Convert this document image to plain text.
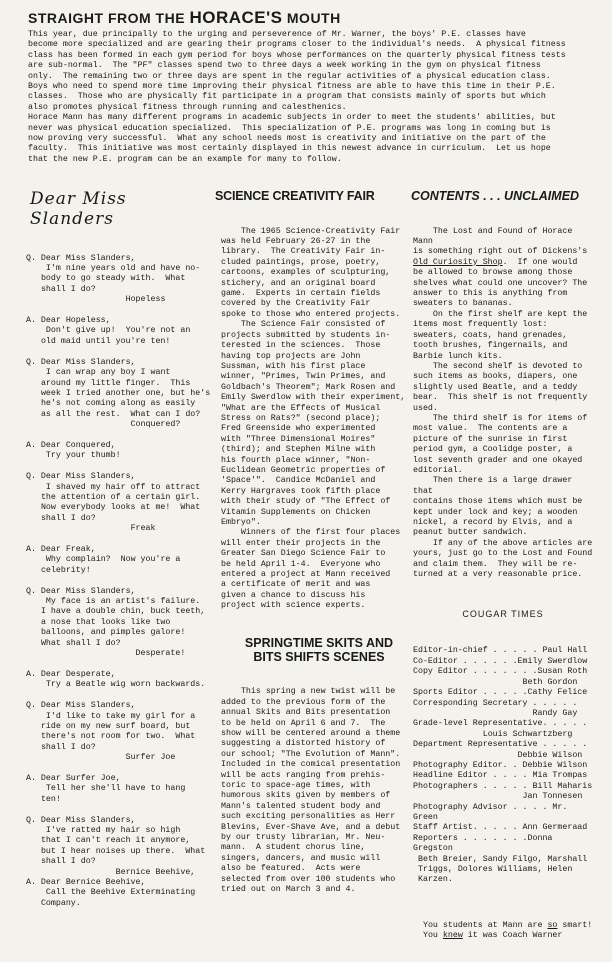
STRAIGHT FROM THE HORACE'S MOUTH
This year, due principally to the urging and perseverence of Mr. Warner, the boys' P.E. classes have
become more specialized and are gearing their programs closer to the individual's needs.  A physical fitness
class has been formed in each gym period for boys whose performances on the quarterly physical fitness tests
are sub-normal.  The "PF" classes spend two to three days a week working in the gym on physical fitness
only.  The remaining two or three days are spent in the regular activities of a physical education class.
Boys who need to spend more time improving their physical fitness are able to have this time in their P.E.
classes.  Those who are physically fit participate in a program that consists mainly of sports but which
also promotes physical fitness through running and calesthenics.
Horace Mann has many different programs in academic subjects in order to meet the students' abilities, but
never was physical education specialized.  This specialization of P.E. programs was long in coming but is
now proving very successful.  What any school needs most is creativity and initiative on the part of the
faculty.  This initiative was most certainly displayed in this newest advance in curriculum.  Let us hope
that the new P.E. program can be an example for many to follow.

Dear Miss Slanders

Q. Dear Miss Slanders,
I'm nine years old and have no-
body to go steady with.  What
shall I do?
Hopeless

A. Dear Hopeless,
Don't give up!  You're not an
old maid until you're ten!

Q. Dear Miss Slanders,
I can wrap any boy I want
around my little finger.  This
week I tried another one, but he's
he's not coming along as easily
as all the rest.  What can I do?
Conquered?

A. Dear Conquered,
Try your thumb!

Q. Dear Miss Slanders,
I shaved my hair off to attract
the attention of a certain girl.
Now everybody looks at me!  What
shall I do?
Freak

A. Dear Freak,
Why complain?  Now you're a
celebrity!

Q. Dear Miss Slanders,
My face is an artist's failure.
I have a double chin, buck teeth,
a nose that looks like two
balloons, and pimples galore!
What shall I do?
Desperate!

A. Dear Desperate,
Try a Beatle wig worn backwards.

Q. Dear Miss Slanders,
I'd like to take my girl for a
ride on my new surf board, but
there's not room for two.  What
shall I do?
Surfer Joe

A. Dear Surfer Joe,
Tell her she'll have to hang
ten!

Q. Dear Miss Slanders,
I've ratted my hair so high
that I can't reach it anymore,
but I hear noises up there.  What
shall I do?
Bernice Beehive,
A. Dear Bernice Beehive,
Call the Beehive Exterminating
Company.

SCIENCE CREATIVITY FAIR

The 1965 Science-Creativity Fair
was held February 26-27 in the
library.  The Creativity Fair in-
cluded paintings, prose, poetry,
cartoons, examples of sculpturing,
stichery, and an original board
game.  Experts in certain fields
covered by the Creativity Fair
spoke to those who entered projects.
The Science Fair consisted of
projects submitted by students in-
terested in the sciences.  Those
having top projects are John
Sussman, with his first place
winner, "Primes, Twin Primes, and
Goldbach's Theorem"; Mark Rosen and
Emily Swerdlow with their experiment,
"What are the Effects of Musical
Stress on Rats?" (second place);
Fred Greenside who experimented
with "Three Dimensional Moires"
(third); and Stephen Milne with
his fourth place winner, "Non-
Euclidean Geometric properties of
'Space'".  Candice McDaniel and
Kerry Hargraves took fifth place
with their study of "The Effect of
Vitamin Supplements on Chicken
Embryo".
Winners of the first four places
will enter their projects in the
Greater San Diego Science Fair to
be held April 1-4.  Everyone who
entered a project at Mann received
a certificate of merit and was
given a chance to discuss his
project with science experts.

SPRINGTIME SKITS AND
BITS SHIFTS SCENES

This spring a new twist will be
added to the previous form of the
annual Skits and Bits presentation
to be held on April 6 and 7.  The
show will be centered around a theme
suggesting a distorted history of
our school; "The Evolution of Mann".
Included in the comical presentation
will be acts ranging from prehis-
toric to space-age times, with
humorous skits given by members of
Mann's talented student body and
such exciting personalities as Herr
Blevins, Ever-Shave Ave, and a debut
by our trusty librarian, Mr. Neu-
mann.  A student chorus line,
singers, dancers, and music will
also be featured.  Acts were
selected from over 100 students who
tried out on March 3 and 4.

CONTENTS . . . UNCLAIMED

The Lost and Found of Horace Mann
is something right out of Dickens's
Old Curiosity Shop.  If one would
be allowed to browse among those
shelves what could one uncover? The
answer to this is anything from
sweaters to bananas.
On the first shelf are kept the
items most frequently lost:
sweaters, coats, hand grenades,
tooth brushes, fingernails, and
Barbie lunch kits.
The second shelf is devoted to
such items as books, diapers, one
slightly used Beatle, and a teddy
bear.  This shelf is not frequently
used.
The third shelf is for items of
most value.  The contents are a
picture of the sunrise in first
period gym, a Coolidge poster, a
lost seventh grader and one okayed
editorial.
Then there is a large drawer that
contains those items which must be
kept under lock and key; a wooden
nickel, a record by Elvis, and a
peanut butter sandwich.
If any of the above articles are
yours, just go to the Lost and Found
and claim them.  They will be re-
turned at a very reasonable price.

COUGAR TIMES

Editor-in-chief . . . . . Paul Hall
Co-Editor . . . . . .Emily Swerdlow
Copy Editor . . . . . . .Susan Roth
Beth Gordon
Sports Editor . . . . .Cathy Felice
Corresponding Secretary . . . . .
Randy Gay
Grade-level Representative. . . . .
Louis Schwartzberg
Department Representative . . . . .
Debbie Wilson
Photography Editor. . Debbie Wilson
Headline Editor . . . . Mia Trompas
Photographers . . . . . Bill Maharis
Jan Tonnesen
Photography Advisor . . . . Mr. Green
Staff Artist. . . . . Ann Germeraad
Reporters . . . . . . .Donna Gregston
Beth Breier, Sandy Filgo, Marshall
Triggs, Dolores Williams, Helen
Karzen.

You students at Mann are so smart!
You knew it was Coach Warner
